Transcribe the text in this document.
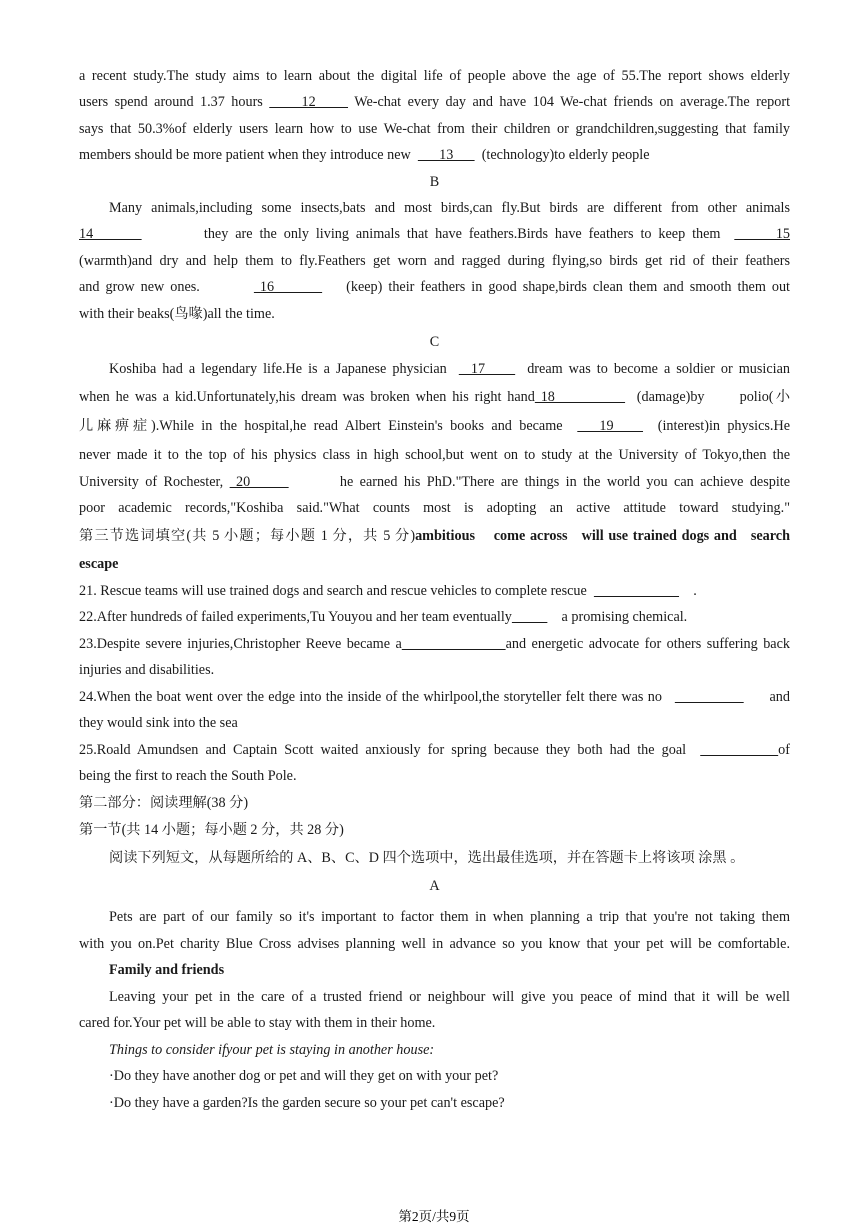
a recent study.The study aims to learn about the digital life of people above the age of 55.The report shows elderly
users spend around 1.37 hours      12      We-chat every day and have 104 We-chat friends on average.The report
says that 50.3%of elderly users learn how to use We-chat from their children or grandchildren,suggesting that family
members should be more patient when they introduce new        13        (technology)to elderly people
B
Many animals,including some insects,bats and most birds,can fly.But birds are different from other animals
14                they are the only living animals that have feathers.Birds have feathers to keep them        15
(warmth)and dry and help them to fly.Feathers get worn and ragged during flying,so birds get rid of their feathers
and grow new ones.          16            (keep) their feathers in good shape,birds clean them and smooth them out
with their beaks(鸟喙)all the time.
C
Koshiba had a legendary life.He is a Japanese physician    17       dream was to become a soldier or musician
when he was a kid.Unfortunately,his dream was broken when his right hand 18              (damage)by      polio(小
儿麻痹症).While in the hospital,he read Albert Einstein's books and became     19      (interest)in physics.He
never made it to the top of his physics class in high school,but went on to study at the University of Tokyo,then the
University of Rochester,  20              he earned his PhD."There are things in the world you can achieve despite
poor academic records,"Koshiba said."What counts most is adopting an active attitude toward studying."
第三节选词填空(共 5 小题；每小题 1 分，共 5 分)ambitious    come across   will use trained dogs and   search
escape
21. Rescue teams will use trained dogs and search and rescue vehicles to complete rescue	.
22.After hundreds of failed experiments,Tu Youyou and her team eventually              a promising chemical.
23.Despite severe injuries,Christopher Reeve became a	and energetic advocate for others suffering back
injuries and disabilities.
24.When the boat went over the edge into the inside of the whirlpool,the storyteller felt there was no	and
they would sink into the sea
25.Roald Amundsen and Captain Scott waited anxiously for spring because they both had the goal	of
being the first to reach the South Pole.
第二部分：阅读理解(38 分)
第一节(共 14 小题；每小题 2 分，共 28 分)
阅读下列短文，从每题所给的 A、B、C、D 四个选项中，选出最佳选项，并在答题卡上将该项 涂黑 。
A
Pets are part of our family so it's important to factor them in when planning a trip that you're not taking them
with you on.Pet charity Blue Cross advises planning well in advance so you know that your pet will be comfortable.
Family and friends
Leaving your pet in the care of a trusted friend or neighbour will give you peace of mind that it will be well
cared for.Your pet will be able to stay with them in their home.
Things to consider ifyour pet is staying in another house:
·Do they have another dog or pet and will they get on with your pet?
·Do they have a garden?Is the garden secure so your pet can't escape?
第2页/共9页
